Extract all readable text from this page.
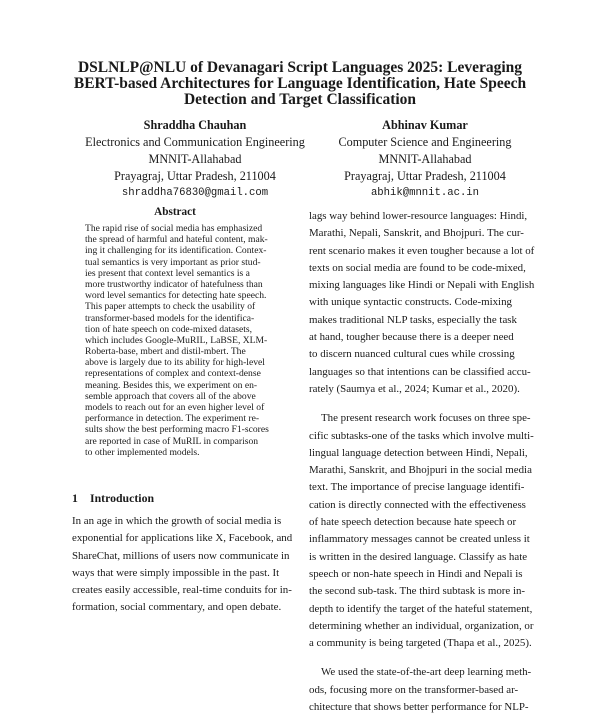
DSLNLP@NLU of Devanagari Script Languages 2025: Leveraging
BERT-based Architectures for Language Identification, Hate Speech
Detection and Target Classification
Shraddha Chauhan
Electronics and Communication Engineering
MNNIT-Allahabad
Prayagraj, Uttar Pradesh, 211004
shraddha76830@gmail.com
Abhinav Kumar
Computer Science and Engineering
MNNIT-Allahabad
Prayagraj, Uttar Pradesh, 211004
abhik@mnnit.ac.in
Abstract
The rapid rise of social media has emphasized
the spread of harmful and hateful content, mak-
ing it challenging for its identification. Contex-
tual semantics is very important as prior stud-
ies present that context level semantics is a
more trustworthy indicator of hatefulness than
word level semantics for detecting hate speech.
This paper attempts to check the usability of
transformer-based models for the identifica-
tion of hate speech on code-mixed datasets,
which includes Google-MuRIL, LaBSE, XLM-
Roberta-base, mbert and distil-mbert. The
above is largely due to its ability for high-level
representations of complex and context-dense
meaning. Besides this, we experiment on en-
semble approach that covers all of the above
models to reach out for an even higher level of
performance in detection. The experiment re-
sults show the best performing macro F1-scores
are reported in case of MuRIL in comparison
to other implemented models.
1 Introduction
In an age in which the growth of social media is
exponential for applications like X, Facebook, and
ShareChat, millions of users now communicate in
ways that were simply impossible in the past. It
creates easily accessible, real-time conduits for in-
formation, social commentary, and open debate.
lags way behind lower-resource languages: Hindi,
Marathi, Nepali, Sanskrit, and Bhojpuri. The cur-
rent scenario makes it even tougher because a lot of
texts on social media are found to be code-mixed,
mixing languages like Hindi or Nepali with English
with unique syntactic constructs. Code-mixing
makes traditional NLP tasks, especially the task
at hand, tougher because there is a deeper need
to discern nuanced cultural cues while crossing
languages so that intentions can be classified accu-
rately (Saumya et al., 2024; Kumar et al., 2020).
The present research work focuses on three spe-
cific subtasks-one of the tasks which involve multi-
lingual language detection between Hindi, Nepali,
Marathi, Sanskrit, and Bhojpuri in the social media
text. The importance of precise language identifi-
cation is directly connected with the effectiveness
of hate speech detection because hate speech or
inflammatory messages cannot be created unless it
is written in the desired language. Classify as hate
speech or non-hate speech in Hindi and Nepali is
the second sub-task. The third subtask is more in-
depth to identify the target of the hateful statement,
determining whether an individual, organization, or
a community is being targeted (Thapa et al., 2025).
We used the state-of-the-art deep learning meth-
ods, focusing more on the transformer-based ar-
chitecture that shows better performance for NLP-
